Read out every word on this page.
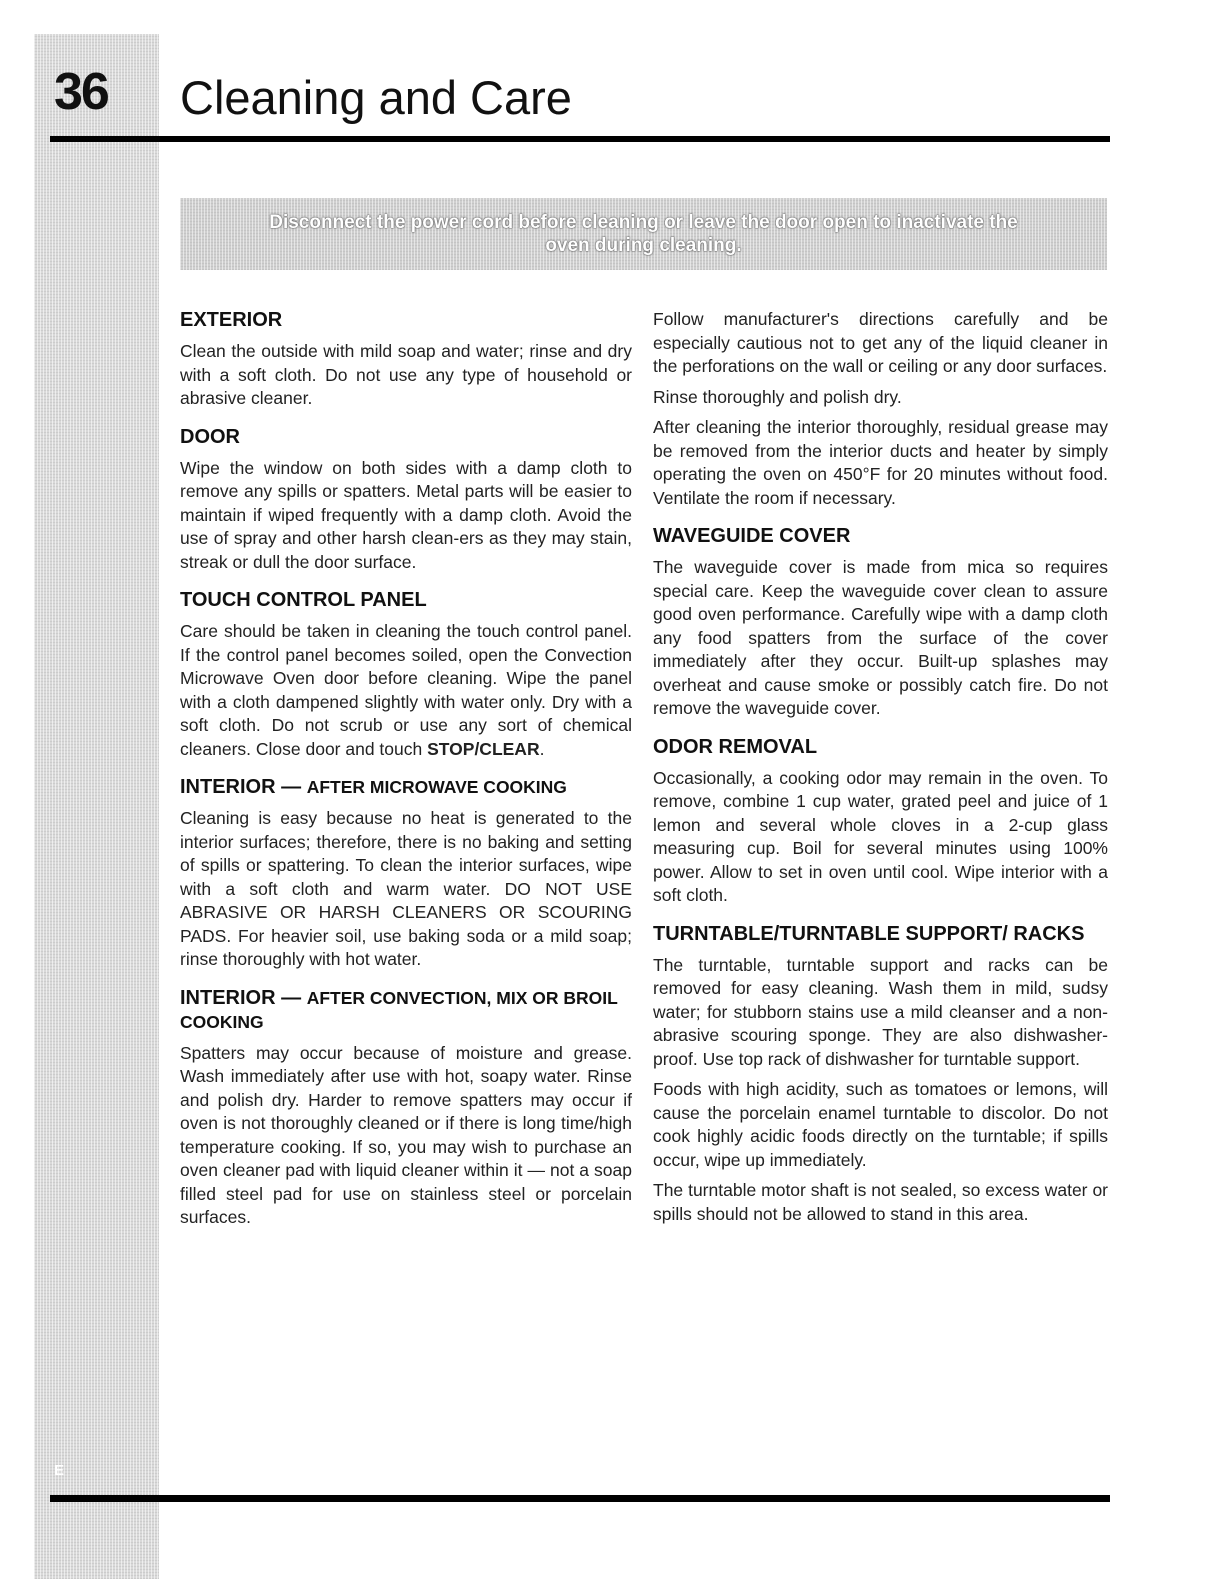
36
E
Cleaning and Care
Disconnect the power cord before cleaning or leave the door open to inactivate the
oven during cleaning.
EXTERIOR

Clean the outside with mild soap and water; rinse and dry with a soft cloth. Do not use any type of household or abrasive cleaner.

DOOR

Wipe the window on both sides with a damp cloth to remove any spills or spatters. Metal parts will be easier to maintain if wiped frequently with a damp cloth. Avoid the use of spray and other harsh clean-ers as they may stain, streak or dull the door surface.

TOUCH CONTROL PANEL

Care should be taken in cleaning the touch control panel. If the control panel becomes soiled, open the Convection Microwave Oven door before cleaning. Wipe the panel with a cloth dampened slightly with water only. Dry with a soft cloth. Do not scrub or use any sort of chemical cleaners. Close door and touch STOP/CLEAR.

INTERIOR — AFTER MICROWAVE COOKING

Cleaning is easy because no heat is generated to the interior surfaces; therefore, there is no baking and setting of spills or spattering. To clean the interior surfaces, wipe with a soft cloth and warm water. DO NOT USE ABRASIVE OR HARSH CLEANERS OR SCOURING PADS. For heavier soil, use baking soda or a mild soap; rinse thoroughly with hot water.

INTERIOR — AFTER CONVECTION, MIX OR BROIL COOKING

Spatters may occur because of moisture and grease. Wash immediately after use with hot, soapy water. Rinse and polish dry. Harder to remove spatters may occur if oven is not thoroughly cleaned or if there is long time/high temperature cooking. If so, you may wish to purchase an oven cleaner pad with liquid cleaner within it — not a soap filled steel pad for use on stainless steel or porcelain surfaces.

Follow manufacturer's directions carefully and be especially cautious not to get any of the liquid cleaner in the perforations on the wall or ceiling or any door surfaces.

Rinse thoroughly and polish dry.

After cleaning the interior thoroughly, residual grease may be removed from the interior ducts and heater by simply operating the oven on 450°F for 20 minutes without food. Ventilate the room if necessary.

WAVEGUIDE COVER

The waveguide cover is made from mica so requires special care. Keep the waveguide cover clean to assure good oven performance. Carefully wipe with a damp cloth any food spatters from the surface of the cover immediately after they occur. Built-up splashes may overheat and cause smoke or possibly catch fire. Do not remove the waveguide cover.

ODOR REMOVAL

Occasionally, a cooking odor may remain in the oven. To remove, combine 1 cup water, grated peel and juice of 1 lemon and several whole cloves in a 2-cup glass measuring cup. Boil for several minutes using 100% power. Allow to set in oven until cool. Wipe interior with a soft cloth.

TURNTABLE/TURNTABLE SUPPORT/ RACKS

The turntable, turntable support and racks can be removed for easy cleaning. Wash them in mild, sudsy water; for stubborn stains use a mild cleanser and a non-abrasive scouring sponge. They are also dishwasher-proof. Use top rack of dishwasher for turntable support.

Foods with high acidity, such as tomatoes or lemons, will cause the porcelain enamel turntable to discolor. Do not cook highly acidic foods directly on the turntable; if spills occur, wipe up immediately.

The turntable motor shaft is not sealed, so excess water or spills should not be allowed to stand in this area.
